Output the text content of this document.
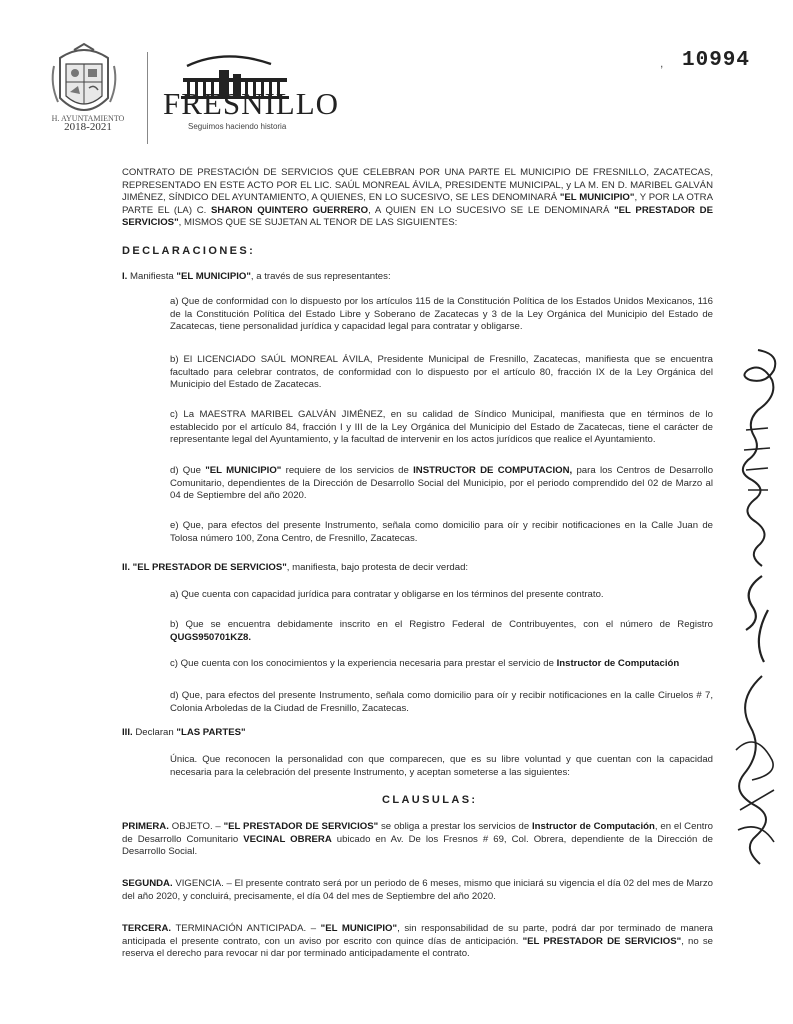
H. AYUNTAMIENTO
2018-2021
FRESNILLO
Seguimos haciendo historia
, 10994
CONTRATO DE PRESTACIÓN DE SERVICIOS QUE CELEBRAN POR UNA PARTE EL MUNICIPIO DE FRESNILLO, ZACATECAS, REPRESENTADO EN ESTE ACTO POR EL LIC. SAÚL MONREAL ÁVILA, PRESIDENTE MUNICIPAL, y LA M. EN D. MARIBEL GALVÁN JIMÉNEZ, SÍNDICO DEL AYUNTAMIENTO, A QUIENES, EN LO SUCESIVO, SE LES DENOMINARÁ "EL MUNICIPIO", Y POR LA OTRA PARTE EL (LA) C. SHARON QUINTERO GUERRERO, A QUIEN EN LO SUCESIVO SE LE DENOMINARÁ "EL PRESTADOR DE SERVICIOS", MISMOS QUE SE SUJETAN AL TENOR DE LAS SIGUIENTES:
DECLARACIONES:
I. Manifiesta "EL MUNICIPIO", a través de sus representantes:
a) Que de conformidad con lo dispuesto por los artículos 115 de la Constitución Política de los Estados Unidos Mexicanos, 116 de la Constitución Política del Estado Libre y Soberano de Zacatecas y 3 de la Ley Orgánica del Municipio del Estado de Zacatecas, tiene personalidad jurídica y capacidad legal para contratar y obligarse.
b) El LICENCIADO SAÚL MONREAL ÁVILA, Presidente Municipal de Fresnillo, Zacatecas, manifiesta que se encuentra facultado para celebrar contratos, de conformidad con lo dispuesto por el artículo 80, fracción IX de la Ley Orgánica del Municipio del Estado de Zacatecas.
c) La MAESTRA MARIBEL GALVÁN JIMÉNEZ, en su calidad de Síndico Municipal, manifiesta que en términos de lo establecido por el artículo 84, fracción I y III de la Ley Orgánica del Municipio del Estado de Zacatecas, tiene el carácter de representante legal del Ayuntamiento, y la facultad de intervenir en los actos jurídicos que realice el Ayuntamiento.
d) Que "EL MUNICIPIO" requiere de los servicios de INSTRUCTOR DE COMPUTACION, para los Centros de Desarrollo Comunitario, dependientes de la Dirección de Desarrollo Social del Municipio, por el periodo comprendido del 02 de Marzo al 04 de Septiembre del año 2020.
e) Que, para efectos del presente Instrumento, señala como domicilio para oír y recibir notificaciones en la Calle Juan de Tolosa número 100, Zona Centro, de Fresnillo, Zacatecas.
II. "EL PRESTADOR DE SERVICIOS", manifiesta, bajo protesta de decir verdad:
a) Que cuenta con capacidad jurídica para contratar y obligarse en los términos del presente contrato.
b) Que se encuentra debidamente inscrito en el Registro Federal de Contribuyentes, con el número de Registro QUGS950701KZ8.
c) Que cuenta con los conocimientos y la experiencia necesaria para prestar el servicio de Instructor de Computación
d) Que, para efectos del presente Instrumento, señala como domicilio para oír y recibir notificaciones en la calle Ciruelos # 7, Colonia Arboledas de la Ciudad de Fresnillo, Zacatecas.
III. Declaran "LAS PARTES"
Única. Que reconocen la personalidad con que comparecen, que es su libre voluntad y que cuentan con la capacidad necesaria para la celebración del presente Instrumento, y aceptan someterse a las siguientes:
CLAUSULAS:
PRIMERA. OBJETO. – "EL PRESTADOR DE SERVICIOS" se obliga a prestar los servicios de Instructor de Computación, en el Centro de Desarrollo Comunitario VECINAL OBRERA ubicado en Av. De los Fresnos # 69, Col. Obrera, dependiente de la Dirección de Desarrollo Social.
SEGUNDA. VIGENCIA. – El presente contrato será por un periodo de 6 meses, mismo que iniciará su vigencia el día 02 del mes de Marzo del año 2020, y concluirá, precisamente, el día 04 del mes de Septiembre del año 2020.
TERCERA. TERMINACIÓN ANTICIPADA. – "EL MUNICIPIO", sin responsabilidad de su parte, podrá dar por terminado de manera anticipada el presente contrato, con un aviso por escrito con quince días de anticipación. "EL PRESTADOR DE SERVICIOS", no se reserva el derecho para revocar ni dar por terminado anticipadamente el contrato.
